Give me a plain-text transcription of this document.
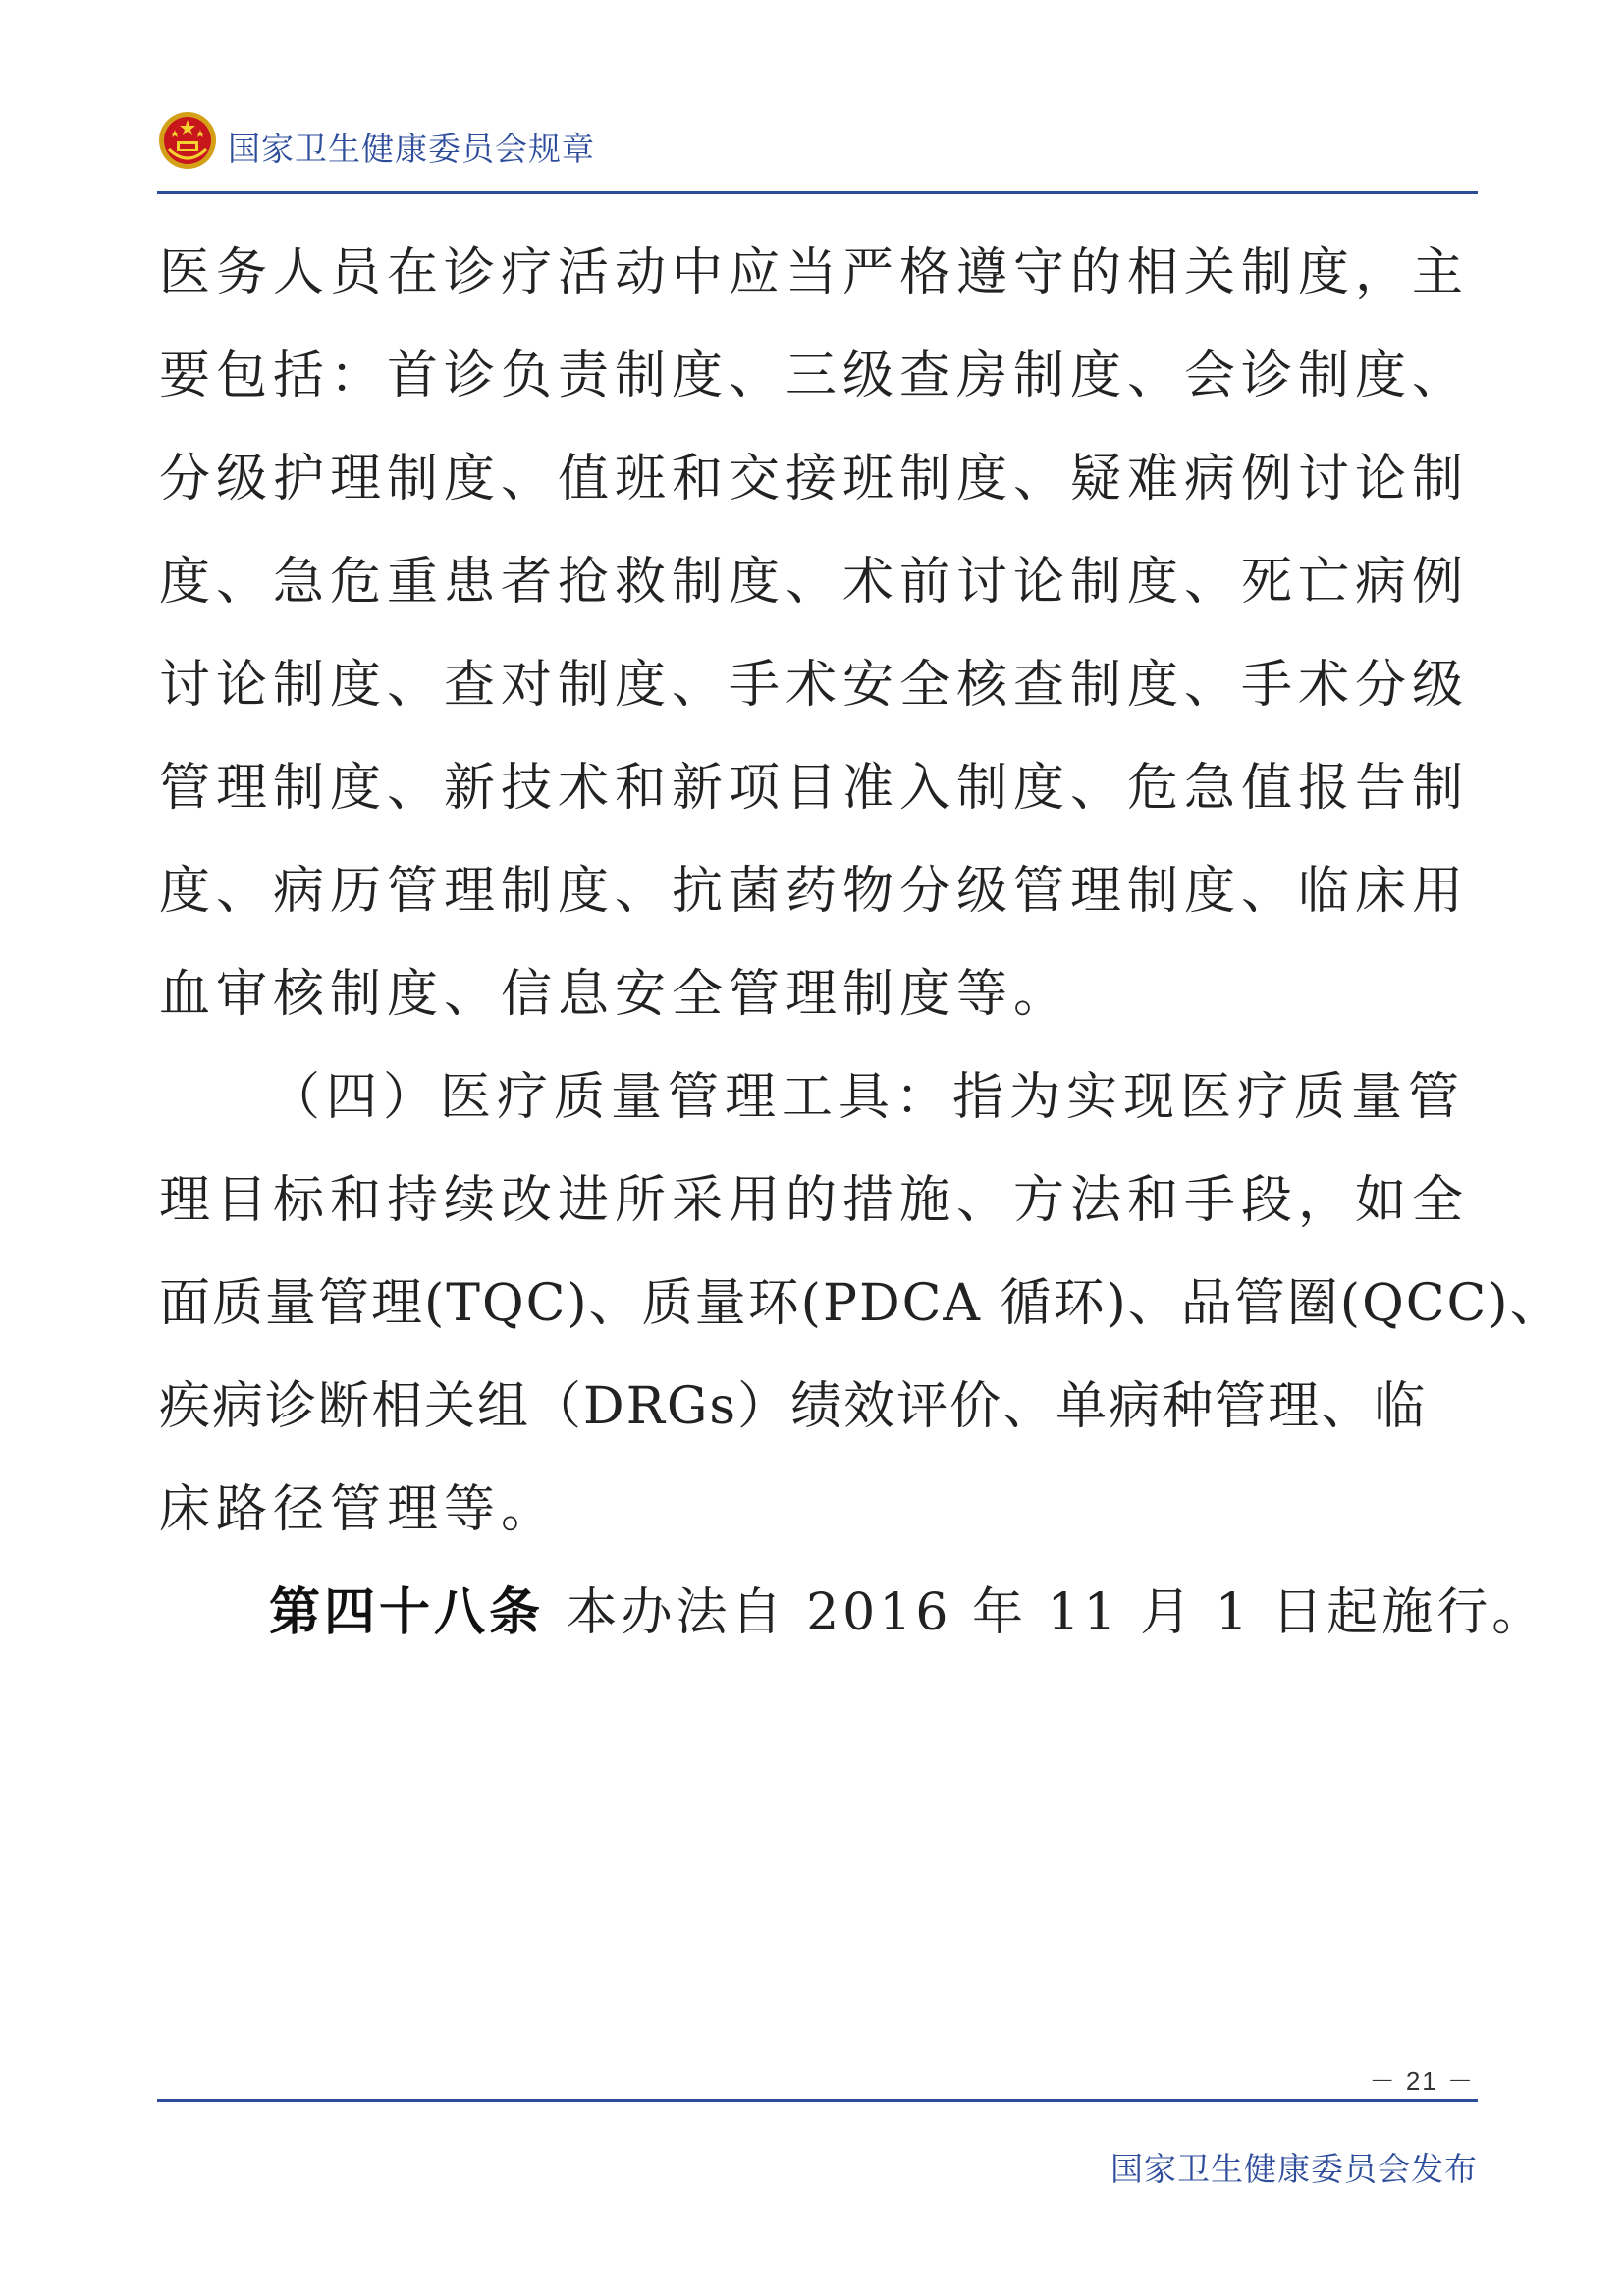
国家卫生健康委员会规章
医务人员在诊疗活动中应当严格遵守的相关制度，主
要包括：首诊负责制度、三级查房制度、会诊制度、
分级护理制度、值班和交接班制度、疑难病例讨论制
度、急危重患者抢救制度、术前讨论制度、死亡病例
讨论制度、查对制度、手术安全核查制度、手术分级
管理制度、新技术和新项目准入制度、危急值报告制
度、病历管理制度、抗菌药物分级管理制度、临床用
血审核制度、信息安全管理制度等。
（四）医疗质量管理工具：指为实现医疗质量管
理目标和持续改进所采用的措施、方法和手段，如全
面质量管理(TQC)、质量环(PDCA 循环)、品管圈(QCC)、
疾病诊断相关组（DRGs）绩效评价、单病种管理、临
床路径管理等。
第四十八条 本办法自 2016 年 11 月 1 日起施行。
－ 21 －
国家卫生健康委员会发布
